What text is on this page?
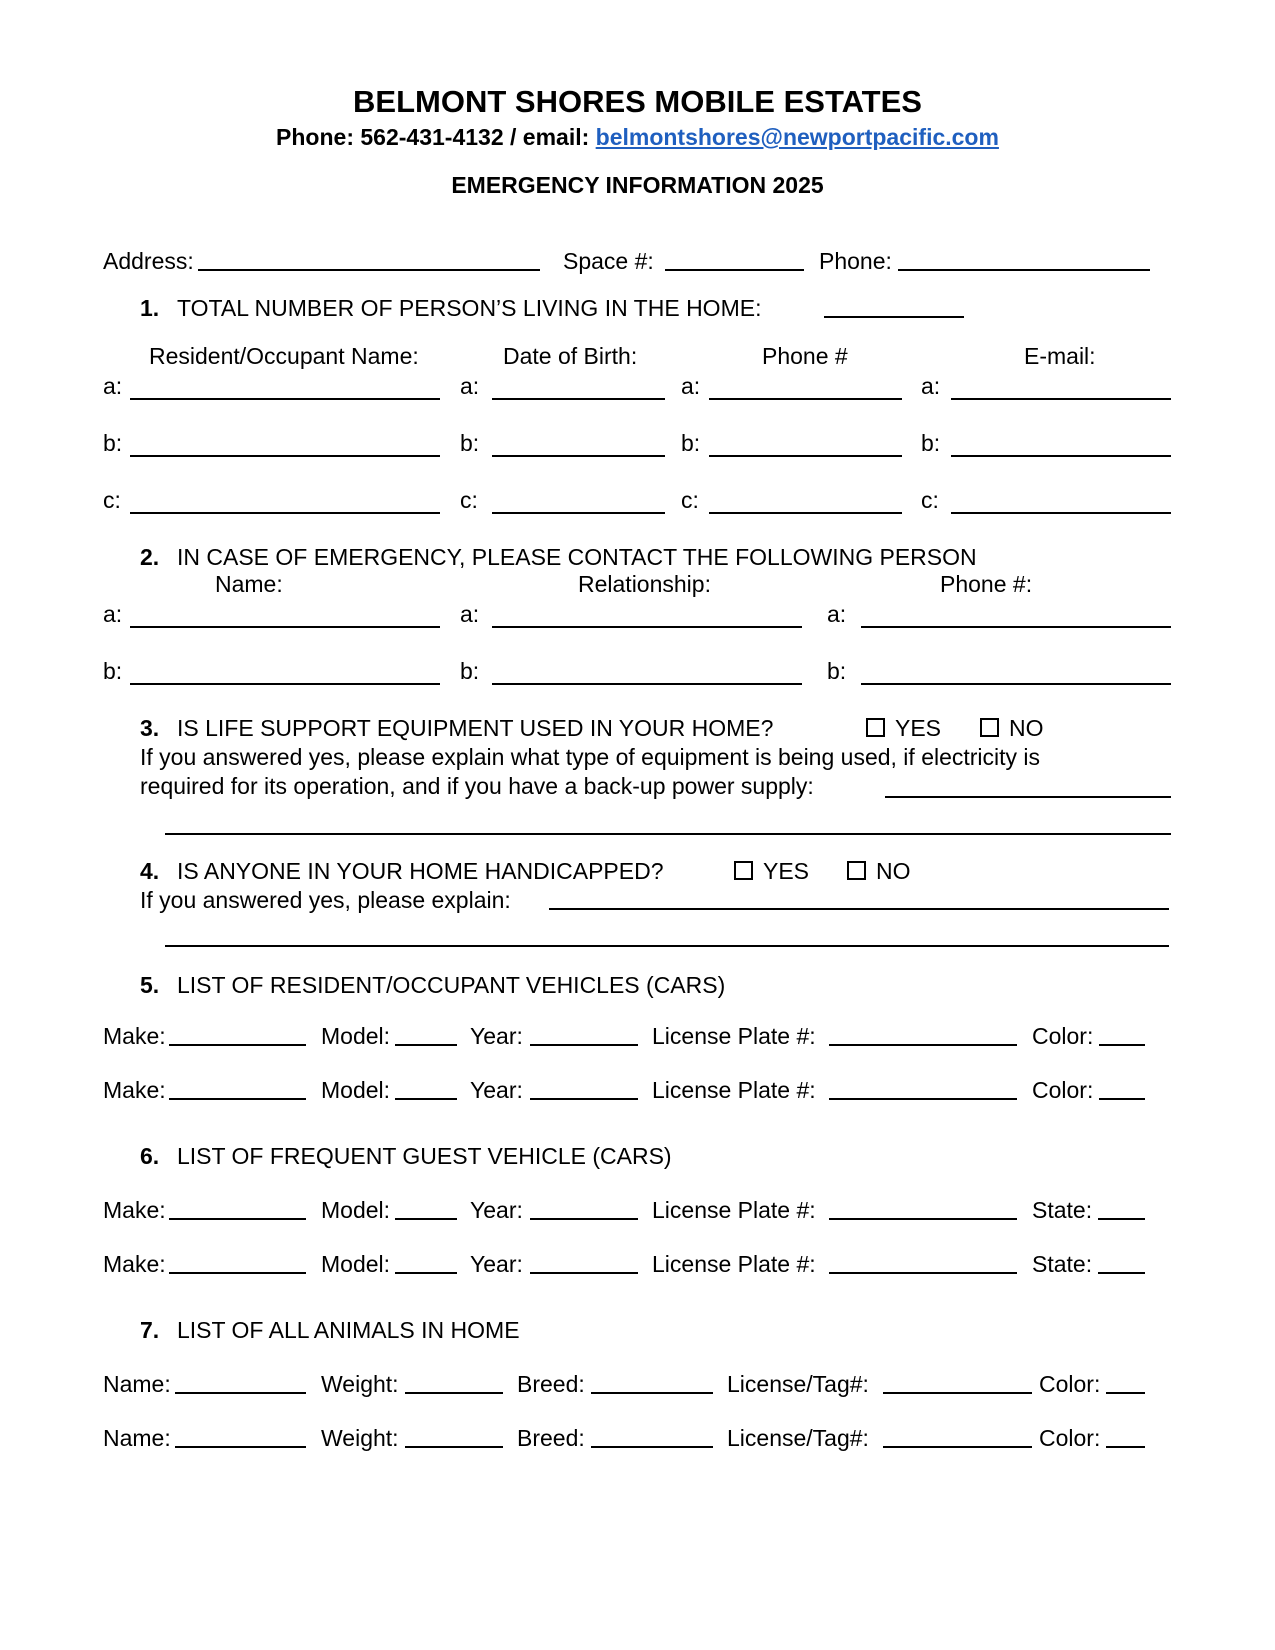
BELMONT SHORES MOBILE ESTATES
Phone: 562-431-4132 / email: belmontshores@newportpacific.com
EMERGENCY INFORMATION 2025
Address:	Space #:	Phone:
1. TOTAL NUMBER OF PERSON’S LIVING IN THE HOME:
Resident/Occupant Name:	Date of Birth:	Phone #	E-mail:
a:	a:	a:	a:
b:	b:	b:	b:
c:	c:	c:	c:
2. IN CASE OF EMERGENCY, PLEASE CONTACT THE FOLLOWING PERSON
Name:	Relationship:	Phone #:
a:	a:	a:
b:	b:	b:
3. IS LIFE SUPPORT EQUIPMENT USED IN YOUR HOME?	YES	NO
If you answered yes, please explain what type of equipment is being used, if electricity is
required for its operation, and if you have a back-up power supply:
4. IS ANYONE IN YOUR HOME HANDICAPPED?	YES	NO
If you answered yes, please explain:
5. LIST OF RESIDENT/OCCUPANT VEHICLES (CARS)
Make:	Model:	Year:	License Plate #:	Color:
Make:	Model:	Year:	License Plate #:	Color:
6. LIST OF FREQUENT GUEST VEHICLE (CARS)
Make:	Model:	Year:	License Plate #:	State:
Make:	Model:	Year:	License Plate #:	State:
7. LIST OF ALL ANIMALS IN HOME
Name:	Weight:	Breed:	License/Tag#:	Color:
Name:	Weight:	Breed:	License/Tag#:	Color:
